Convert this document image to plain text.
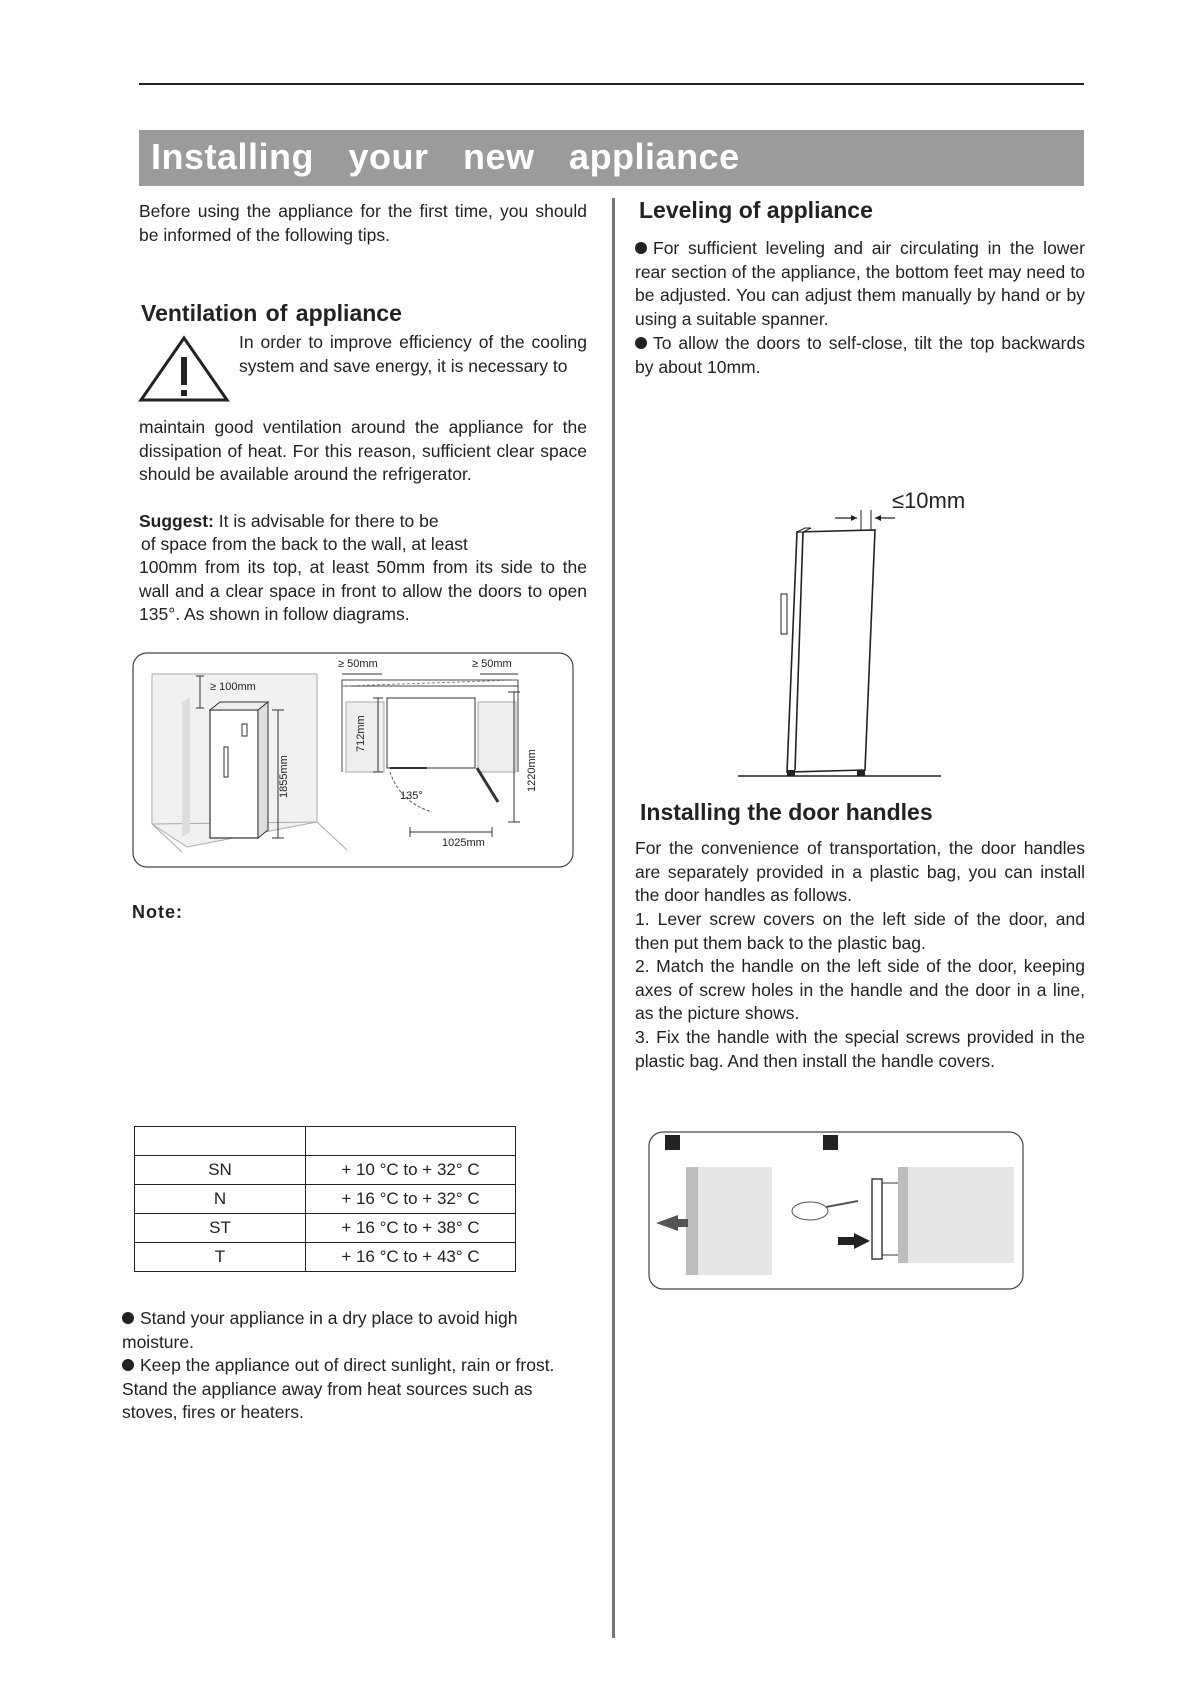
Installing your new appliance

Before using the appliance for the first time, you should be informed of the following tips.

Ventilation of appliance

In order to improve efficiency of the cooling system and save energy, it is necessary to

maintain good ventilation around the appliance for the dissipation of heat. For this reason, sufficient clear space should be available around the refrigerator.

Suggest: It is advisable for there to be
of space from the back to the wall, at least

100mm from its top, at least 50mm from its side to the wall and a clear space in front to allow the doors to open 135°. As shown in follow diagrams.

≥ 100mm
1855mm
≥ 50mm	≥ 50mm
712mm
135°
1220mm
1025mm
Note:

SN	+ 10 °C to + 32° C
N	+ 16 °C to + 32° C
ST	+ 16 °C to + 38° C
T	+ 16 °C to + 43° C
Stand your appliance in a dry place to avoid high moisture.
Keep the appliance out of direct sunlight, rain or frost. Stand the appliance away from heat sources such as stoves, fires or heaters.
Leveling of appliance
For sufficient leveling and air circulating in the lower rear section of the appliance, the bottom feet may need to be adjusted. You can adjust them manually by hand or by using a suitable spanner.
To allow the doors to self-close, tilt the top backwards by about 10mm.
≤10mm
Installing the door handles

For the convenience of transportation, the door handles are separately provided in a plastic bag, you can install the door handles as follows.

1. Lever screw covers on the left side of the door, and then put them back to the plastic bag.

2. Match the handle on the left side of the door, keeping axes of screw holes in the handle and the door in a line, as the picture shows.

3. Fix the handle with the special screws provided in the plastic bag. And then install the handle covers.
